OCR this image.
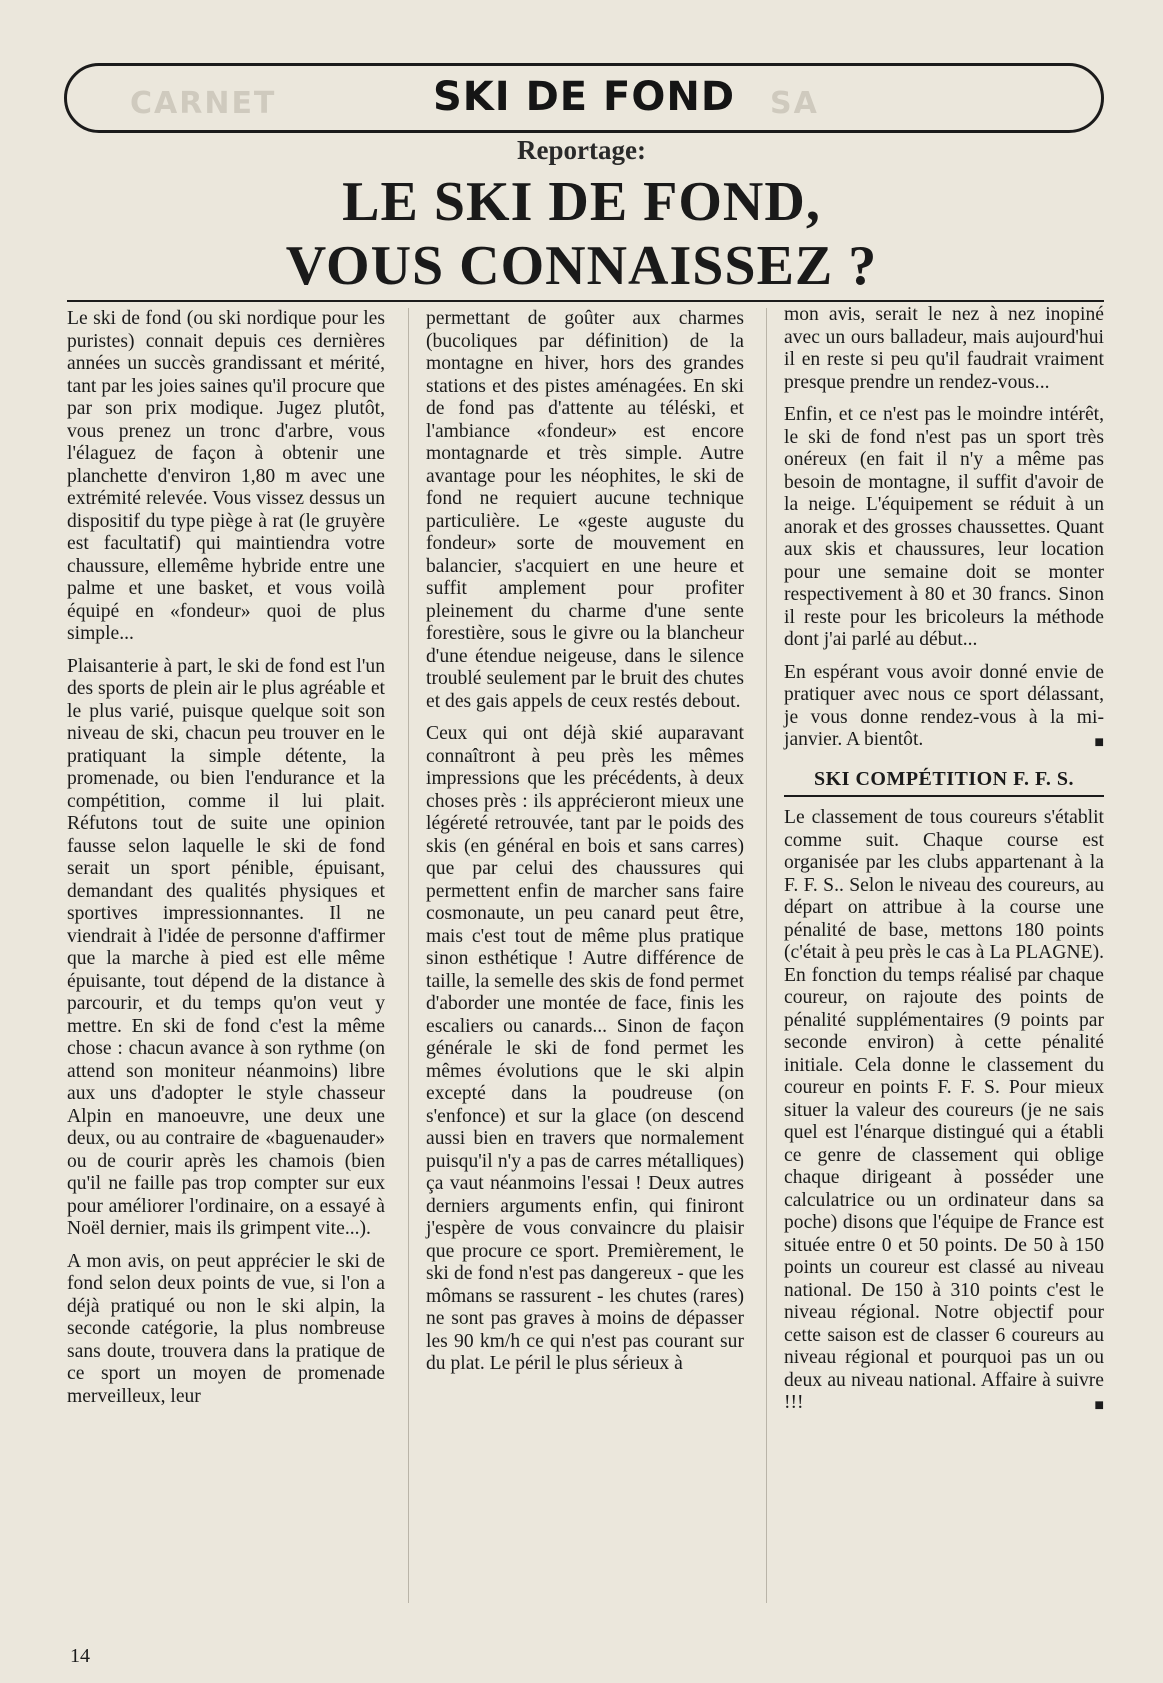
CARNET	SA
SKI DE FOND
Reportage:
LE SKI DE FOND,
VOUS CONNAISSEZ ?

Le ski de fond (ou ski nordique pour les puristes) connait depuis ces dernières années un succès grandissant et mérité, tant par les joies saines qu'il procure que par son prix modique. Jugez plutôt, vous prenez un tronc d'arbre, vous l'élaguez de façon à obtenir une planchette d'environ 1,80 m avec une extrémité relevée. Vous vissez dessus un dispositif du type piège à rat (le gruyère est facultatif) qui maintiendra votre chaussure, ellemême hybride entre une palme et une basket, et vous voilà équipé en «fondeur» quoi de plus simple...

Plaisanterie à part, le ski de fond est l'un des sports de plein air le plus agréable et le plus varié, puisque quelque soit son niveau de ski, chacun peu trouver en le pratiquant la simple détente, la promenade, ou bien l'endurance et la compétition, comme il lui plait. Réfutons tout de suite une opinion fausse selon laquelle le ski de fond serait un sport pénible, épuisant, demandant des qualités physiques et sportives impressionnantes. Il ne viendrait à l'idée de personne d'affirmer que la marche à pied est elle même épuisante, tout dépend de la distance à parcourir, et du temps qu'on veut y mettre. En ski de fond c'est la même chose : chacun avance à son rythme (on attend son moniteur néanmoins) libre aux uns d'adopter le style chasseur Alpin en manoeuvre, une deux une deux, ou au contraire de «baguenauder» ou de courir après les chamois (bien qu'il ne faille pas trop compter sur eux pour améliorer l'ordinaire, on a essayé à Noël dernier, mais ils grimpent vite...).

A mon avis, on peut apprécier le ski de fond selon deux points de vue, si l'on a déjà pratiqué ou non le ski alpin, la seconde catégorie, la plus nombreuse sans doute, trouvera dans la pratique de ce sport un moyen de promenade merveilleux, leur

permettant de goûter aux charmes (bucoliques par définition) de la montagne en hiver, hors des grandes stations et des pistes aménagées. En ski de fond pas d'attente au téléski, et l'ambiance «fondeur» est encore montagnarde et très simple. Autre avantage pour les néophites, le ski de fond ne requiert aucune technique particulière. Le «geste auguste du fondeur» sorte de mouvement en balancier, s'acquiert en une heure et suffit amplement pour profiter pleinement du charme d'une sente forestière, sous le givre ou la blancheur d'une étendue neigeuse, dans le silence troublé seulement par le bruit des chutes et des gais appels de ceux restés debout.

Ceux qui ont déjà skié auparavant connaîtront à peu près les mêmes impressions que les précédents, à deux choses près : ils apprécieront mieux une légéreté retrouvée, tant par le poids des skis (en général en bois et sans carres) que par celui des chaussures qui permettent enfin de marcher sans faire cosmonaute, un peu canard peut être, mais c'est tout de même plus pratique sinon esthétique ! Autre différence de taille, la semelle des skis de fond permet d'aborder une montée de face, finis les escaliers ou canards... Sinon de façon générale le ski de fond permet les mêmes évolutions que le ski alpin excepté dans la poudreuse (on s'enfonce) et sur la glace (on descend aussi bien en travers que normalement puisqu'il n'y a pas de carres métalliques) ça vaut néanmoins l'essai ! Deux autres derniers arguments enfin, qui finiront j'espère de vous convaincre du plaisir que procure ce sport. Premièrement, le ski de fond n'est pas dangereux - que les mômans se rassurent - les chutes (rares) ne sont pas graves à moins de dépasser les 90 km/h ce qui n'est pas courant sur du plat. Le péril le plus sérieux à

mon avis, serait le nez à nez inopiné avec un ours balladeur, mais aujourd'hui il en reste si peu qu'il faudrait vraiment presque prendre un rendez-vous...

Enfin, et ce n'est pas le moindre intérêt, le ski de fond n'est pas un sport très onéreux (en fait il n'y a même pas besoin de montagne, il suffit d'avoir de la neige. L'équipement se réduit à un anorak et des grosses chaussettes. Quant aux skis et chaussures, leur location pour une semaine doit se monter respectivement à 80 et 30 francs. Sinon il reste pour les bricoleurs la méthode dont j'ai parlé au début...

En espérant vous avoir donné envie de pratiquer avec nous ce sport délassant, je vous donne rendez-vous à la mi-janvier. A bientôt.	■

SKI COMPÉTITION F. F. S.

Le classement de tous coureurs s'établit comme suit. Chaque course est organisée par les clubs appartenant à la F. F. S.. Selon le niveau des coureurs, au départ on attribue à la course une pénalité de base, mettons 180 points (c'était à peu près le cas à La PLAGNE). En fonction du temps réalisé par chaque coureur, on rajoute des points de pénalité supplémentaires (9 points par seconde environ) à cette pénalité initiale. Cela donne le classement du coureur en points F. F. S. Pour mieux situer la valeur des coureurs (je ne sais quel est l'énarque distingué qui a établi ce genre de classement qui oblige chaque dirigeant à posséder une calculatrice ou un ordinateur dans sa poche) disons que l'équipe de France est située entre 0 et 50 points. De 50 à 150 points un coureur est classé au niveau national. De 150 à 310 points c'est le niveau régional. Notre objectif pour cette saison est de classer 6 coureurs au niveau régional et pourquoi pas un ou deux au niveau national. Affaire à suivre !!!	■

14
